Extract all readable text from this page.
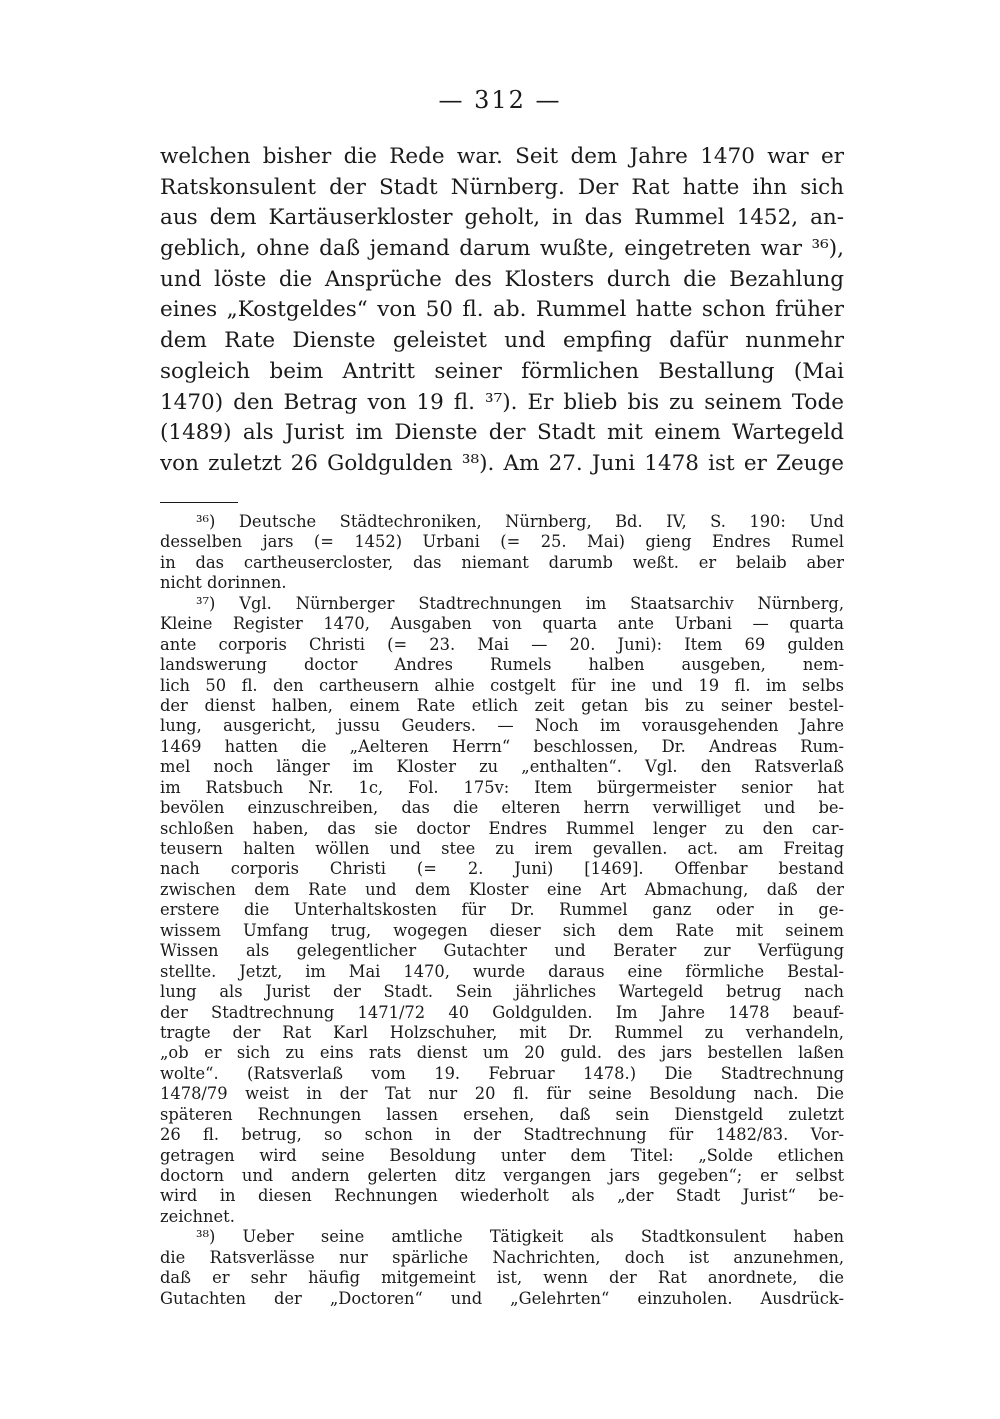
— 312 —
welchen bisher die Rede war. Seit dem Jahre 1470 war er
Ratskonsulent der Stadt Nürnberg. Der Rat hatte ihn sich
aus dem Kartäuserkloster geholt, in das Rummel 1452, an-
geblich, ohne daß jemand darum wußte, eingetreten war ³⁶),
und löste die Ansprüche des Klosters durch die Bezahlung
eines „Kostgeldes“ von 50 fl. ab. Rummel hatte schon früher
dem Rate Dienste geleistet und empfing dafür nunmehr
sogleich beim Antritt seiner förmlichen Bestallung (Mai
1470) den Betrag von 19 fl. ³⁷). Er blieb bis zu seinem Tode
(1489) als Jurist im Dienste der Stadt mit einem Wartegeld
von zuletzt 26 Goldgulden ³⁸). Am 27. Juni 1478 ist er Zeuge
³⁶) Deutsche Städtechroniken, Nürnberg, Bd. IV, S. 190: Und
desselben jars (= 1452) Urbani (= 25. Mai) gieng Endres Rumel
in das cartheusercloster, das niemant darumb weßt. er belaib aber
nicht dorinnen.
³⁷) Vgl. Nürnberger Stadtrechnungen im Staatsarchiv Nürnberg,
Kleine Register 1470, Ausgaben von quarta ante Urbani — quarta
ante corporis Christi (= 23. Mai — 20. Juni): Item 69 gulden
landswerung doctor Andres Rumels halben ausgeben, nem-
lich 50 fl. den cartheusern alhie costgelt für ine und 19 fl. im selbs
der dienst halben, einem Rate etlich zeit getan bis zu seiner bestel-
lung, ausgericht, jussu Geuders. — Noch im vorausgehenden Jahre
1469 hatten die „Aelteren Herrn“ beschlossen, Dr. Andreas Rum-
mel noch länger im Kloster zu „enthalten“. Vgl. den Ratsverlaß
im Ratsbuch Nr. 1c, Fol. 175v: Item bürgermeister senior hat
bevölen einzuschreiben, das die elteren herrn verwilliget und be-
schloßen haben, das sie doctor Endres Rummel lenger zu den car-
teusern halten wöllen und stee zu irem gevallen. act. am Freitag
nach corporis Christi (= 2. Juni) [1469]. Offenbar bestand
zwischen dem Rate und dem Kloster eine Art Abmachung, daß der
erstere die Unterhaltskosten für Dr. Rummel ganz oder in ge-
wissem Umfang trug, wogegen dieser sich dem Rate mit seinem
Wissen als gelegentlicher Gutachter und Berater zur Verfügung
stellte. Jetzt, im Mai 1470, wurde daraus eine förmliche Bestal-
lung als Jurist der Stadt. Sein jährliches Wartegeld betrug nach
der Stadtrechnung 1471/72 40 Goldgulden. Im Jahre 1478 beauf-
tragte der Rat Karl Holzschuher, mit Dr. Rummel zu verhandeln,
„ob er sich zu eins rats dienst um 20 guld. des jars bestellen laßen
wolte“. (Ratsverlaß vom 19. Februar 1478.) Die Stadtrechnung
1478/79 weist in der Tat nur 20 fl. für seine Besoldung nach. Die
späteren Rechnungen lassen ersehen, daß sein Dienstgeld zuletzt
26 fl. betrug, so schon in der Stadtrechnung für 1482/83. Vor-
getragen wird seine Besoldung unter dem Titel: „Solde etlichen
doctorn und andern gelerten ditz vergangen jars gegeben“; er selbst
wird in diesen Rechnungen wiederholt als „der Stadt Jurist“ be-
zeichnet.
³⁸) Ueber seine amtliche Tätigkeit als Stadtkonsulent haben
die Ratsverlässe nur spärliche Nachrichten, doch ist anzunehmen,
daß er sehr häufig mitgemeint ist, wenn der Rat anordnete, die
Gutachten der „Doctoren“ und „Gelehrten“ einzuholen. Ausdrück-
